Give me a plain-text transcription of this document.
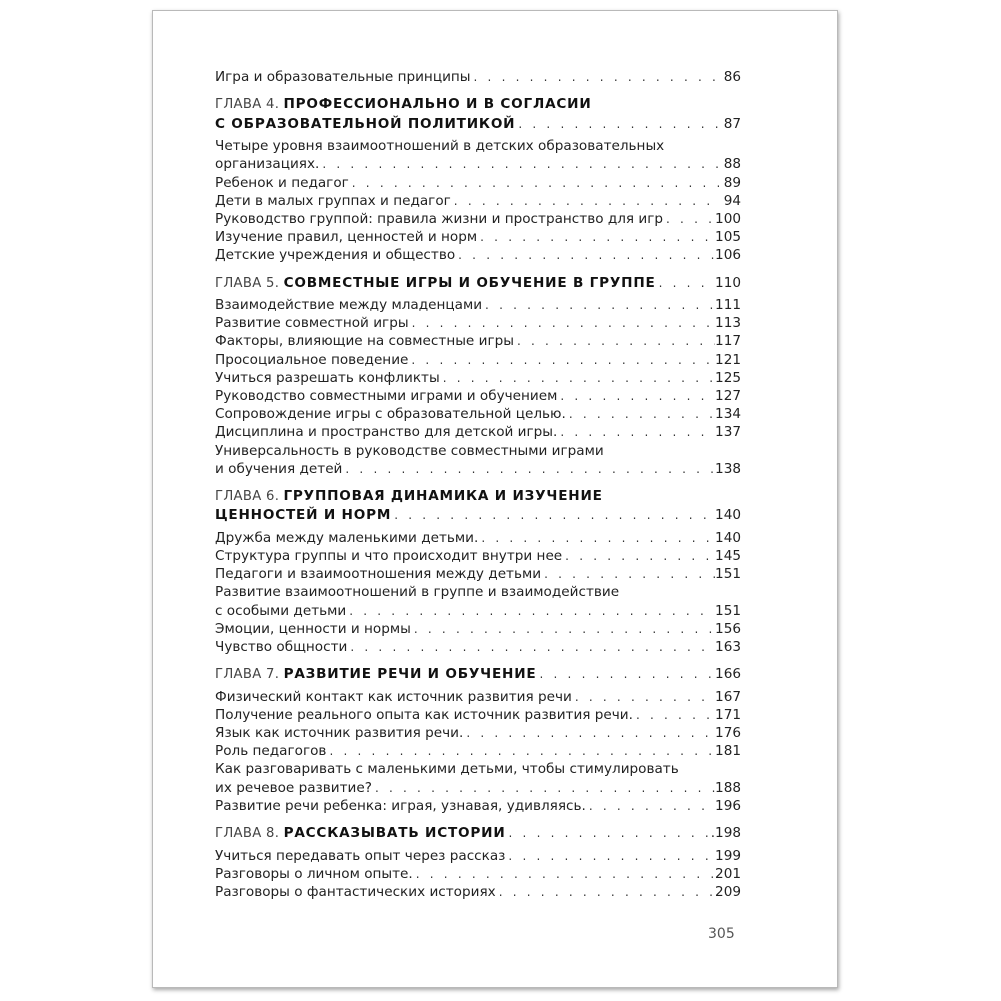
Игра и образовательные принципы . . .	86
ГЛАВА 4. ПРОФЕССИОНАЛЬНО И В СОГЛАСИИ
С ОБРАЗОВАТЕЛЬНОЙ ПОЛИТИКОЙ . . .	87
Четыре уровня взаимоотношений в детских образовательных
организациях. . . .	88
Ребенок и педагог . . .	89
Дети в малых группах и педагог . . .	94
Руководство группой: правила жизни и пространство для игр . . .	100
Изучение правил, ценностей и норм . . .	105
Детские учреждения и общество . . .	106
ГЛАВА 5. СОВМЕСТНЫЕ ИГРЫ И ОБУЧЕНИЕ В ГРУППЕ . . .	110
Взаимодействие между младенцами . . .	111
Развитие совместной игры . . .	113
Факторы, влияющие на совместные игры . . .	117
Просоциальное поведение . . .	121
Учиться разрешать конфликты . . .	125
Руководство совместными играми и обучением . . .	127
Сопровождение игры с образовательной целью. . . .	134
Дисциплина и пространство для детской игры. . . .	137
Универсальность в руководстве совместными играми
и обучения детей . . .	138
ГЛАВА 6. ГРУППОВАЯ ДИНАМИКА И ИЗУЧЕНИЕ
ЦЕННОСТЕЙ И НОРМ . . .	140
Дружба между маленькими детьми. . . .	140
Структура группы и что происходит внутри нее . . .	145
Педагоги и взаимоотношения между детьми . . .	151
Развитие взаимоотношений в группе и взаимодействие
с особыми детьми . . .	151
Эмоции, ценности и нормы . . .	156
Чувство общности . . .	163
ГЛАВА 7. РАЗВИТИЕ РЕЧИ И ОБУЧЕНИЕ . . .	166
Физический контакт как источник развития речи . . .	167
Получение реального опыта как источник развития речи. . . .	171
Язык как источник развития речи. . . .	176
Роль педагогов . . .	181
Как разговаривать с маленькими детьми, чтобы стимулировать
их речевое развитие? . . .	188
Развитие речи ребенка: играя, узнавая, удивляясь. . . .	196
ГЛАВА 8. РАССКАЗЫВАТЬ ИСТОРИИ . . .	.198
Учиться передавать опыт через рассказ . . .	199
Разговоры о личном опыте. . . .	201
Разговоры о фантастических историях . . .	209
305
